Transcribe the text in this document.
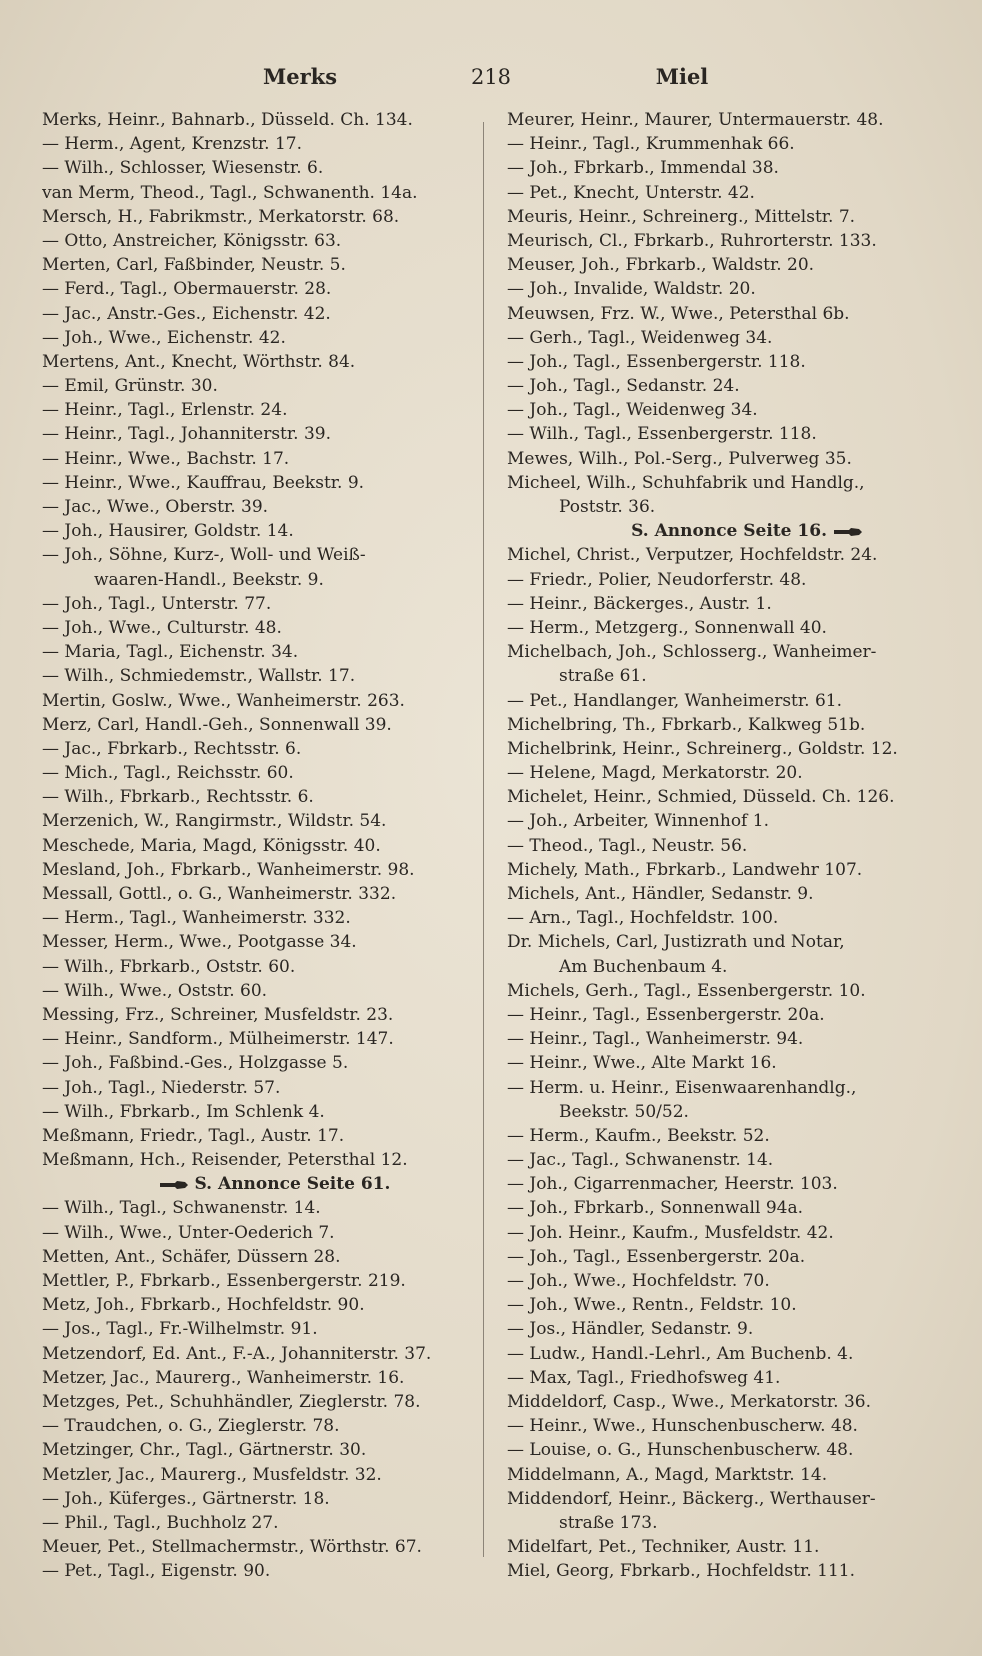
Merks	218	Miel
Merks, Heinr., Bahnarb., Düsseld. Ch. 134.
— Herm., Agent, Krenzstr. 17.
— Wilh., Schlosser, Wiesenstr. 6.
van Merm, Theod., Tagl., Schwanenth. 14a.
Mersch, H., Fabrikmstr., Merkatorstr. 68.
— Otto, Anstreicher, Königsstr. 63.
Merten, Carl, Faßbinder, Neustr. 5.
— Ferd., Tagl., Obermauerstr. 28.
— Jac., Anstr.-Ges., Eichenstr. 42.
— Joh., Wwe., Eichenstr. 42.
Mertens, Ant., Knecht, Wörthstr. 84.
— Emil, Grünstr. 30.
— Heinr., Tagl., Erlenstr. 24.
— Heinr., Tagl., Johanniterstr. 39.
— Heinr., Wwe., Bachstr. 17.
— Heinr., Wwe., Kauffrau, Beekstr. 9.
— Jac., Wwe., Oberstr. 39.
— Joh., Hausirer, Goldstr. 14.
— Joh., Söhne, Kurz-, Woll- und Weiß-
waaren-Handl., Beekstr. 9.
— Joh., Tagl., Unterstr. 77.
— Joh., Wwe., Culturstr. 48.
— Maria, Tagl., Eichenstr. 34.
— Wilh., Schmiedemstr., Wallstr. 17.
Mertin, Goslw., Wwe., Wanheimerstr. 263.
Merz, Carl, Handl.-Geh., Sonnenwall 39.
— Jac., Fbrkarb., Rechtsstr. 6.
— Mich., Tagl., Reichsstr. 60.
— Wilh., Fbrkarb., Rechtsstr. 6.
Merzenich, W., Rangirmstr., Wildstr. 54.
Meschede, Maria, Magd, Königsstr. 40.
Mesland, Joh., Fbrkarb., Wanheimerstr. 98.
Messall, Gottl., o. G., Wanheimerstr. 332.
— Herm., Tagl., Wanheimerstr. 332.
Messer, Herm., Wwe., Pootgasse 34.
— Wilh., Fbrkarb., Oststr. 60.
— Wilh., Wwe., Oststr. 60.
Messing, Frz., Schreiner, Musfeldstr. 23.
— Heinr., Sandform., Mülheimerstr. 147.
— Joh., Faßbind.-Ges., Holzgasse 5.
— Joh., Tagl., Niederstr. 57.
— Wilh., Fbrkarb., Im Schlenk 4.
Meßmann, Friedr., Tagl., Austr. 17.
Meßmann, Hch., Reisender, Petersthal 12.
S. Annonce Seite 61.
— Wilh., Tagl., Schwanenstr. 14.
— Wilh., Wwe., Unter-Oederich 7.
Metten, Ant., Schäfer, Düssern 28.
Mettler, P., Fbrkarb., Essenbergerstr. 219.
Metz, Joh., Fbrkarb., Hochfeldstr. 90.
— Jos., Tagl., Fr.-Wilhelmstr. 91.
Metzendorf, Ed. Ant., F.-A., Johanniterstr. 37.
Metzer, Jac., Maurerg., Wanheimerstr. 16.
Metzges, Pet., Schuhhändler, Zieglerstr. 78.
— Traudchen, o. G., Zieglerstr. 78.
Metzinger, Chr., Tagl., Gärtnerstr. 30.
Metzler, Jac., Maurerg., Musfeldstr. 32.
— Joh., Küferges., Gärtnerstr. 18.
— Phil., Tagl., Buchholz 27.
Meuer, Pet., Stellmachermstr., Wörthstr. 67.
— Pet., Tagl., Eigenstr. 90.
Meurer, Heinr., Maurer, Untermauerstr. 48.
— Heinr., Tagl., Krummenhak 66.
— Joh., Fbrkarb., Immendal 38.
— Pet., Knecht, Unterstr. 42.
Meuris, Heinr., Schreinerg., Mittelstr. 7.
Meurisch, Cl., Fbrkarb., Ruhrorterstr. 133.
Meuser, Joh., Fbrkarb., Waldstr. 20.
— Joh., Invalide, Waldstr. 20.
Meuwsen, Frz. W., Wwe., Petersthal 6b.
— Gerh., Tagl., Weidenweg 34.
— Joh., Tagl., Essenbergerstr. 118.
— Joh., Tagl., Sedanstr. 24.
— Joh., Tagl., Weidenweg 34.
— Wilh., Tagl., Essenbergerstr. 118.
Mewes, Wilh., Pol.-Serg., Pulverweg 35.
Micheel, Wilh., Schuhfabrik und Handlg.,
Poststr. 36.
S. Annonce Seite 16.
Michel, Christ., Verputzer, Hochfeldstr. 24.
— Friedr., Polier, Neudorferstr. 48.
— Heinr., Bäckerges., Austr. 1.
— Herm., Metzgerg., Sonnenwall 40.
Michelbach, Joh., Schlosserg., Wanheimer-
straße 61.
— Pet., Handlanger, Wanheimerstr. 61.
Michelbring, Th., Fbrkarb., Kalkweg 51b.
Michelbrink, Heinr., Schreinerg., Goldstr. 12.
— Helene, Magd, Merkatorstr. 20.
Michelet, Heinr., Schmied, Düsseld. Ch. 126.
— Joh., Arbeiter, Winnenhof 1.
— Theod., Tagl., Neustr. 56.
Michely, Math., Fbrkarb., Landwehr 107.
Michels, Ant., Händler, Sedanstr. 9.
— Arn., Tagl., Hochfeldstr. 100.
Dr. Michels, Carl, Justizrath und Notar,
Am Buchenbaum 4.
Michels, Gerh., Tagl., Essenbergerstr. 10.
— Heinr., Tagl., Essenbergerstr. 20a.
— Heinr., Tagl., Wanheimerstr. 94.
— Heinr., Wwe., Alte Markt 16.
— Herm. u. Heinr., Eisenwaarenhandlg.,
Beekstr. 50/52.
— Herm., Kaufm., Beekstr. 52.
— Jac., Tagl., Schwanenstr. 14.
— Joh., Cigarrenmacher, Heerstr. 103.
— Joh., Fbrkarb., Sonnenwall 94a.
— Joh. Heinr., Kaufm., Musfeldstr. 42.
— Joh., Tagl., Essenbergerstr. 20a.
— Joh., Wwe., Hochfeldstr. 70.
— Joh., Wwe., Rentn., Feldstr. 10.
— Jos., Händler, Sedanstr. 9.
— Ludw., Handl.-Lehrl., Am Buchenb. 4.
— Max, Tagl., Friedhofsweg 41.
Middeldorf, Casp., Wwe., Merkatorstr. 36.
— Heinr., Wwe., Hunschenbuscherw. 48.
— Louise, o. G., Hunschenbuscherw. 48.
Middelmann, A., Magd, Marktstr. 14.
Middendorf, Heinr., Bäckerg., Werthauser-
straße 173.
Midelfart, Pet., Techniker, Austr. 11.
Miel, Georg, Fbrkarb., Hochfeldstr. 111.
